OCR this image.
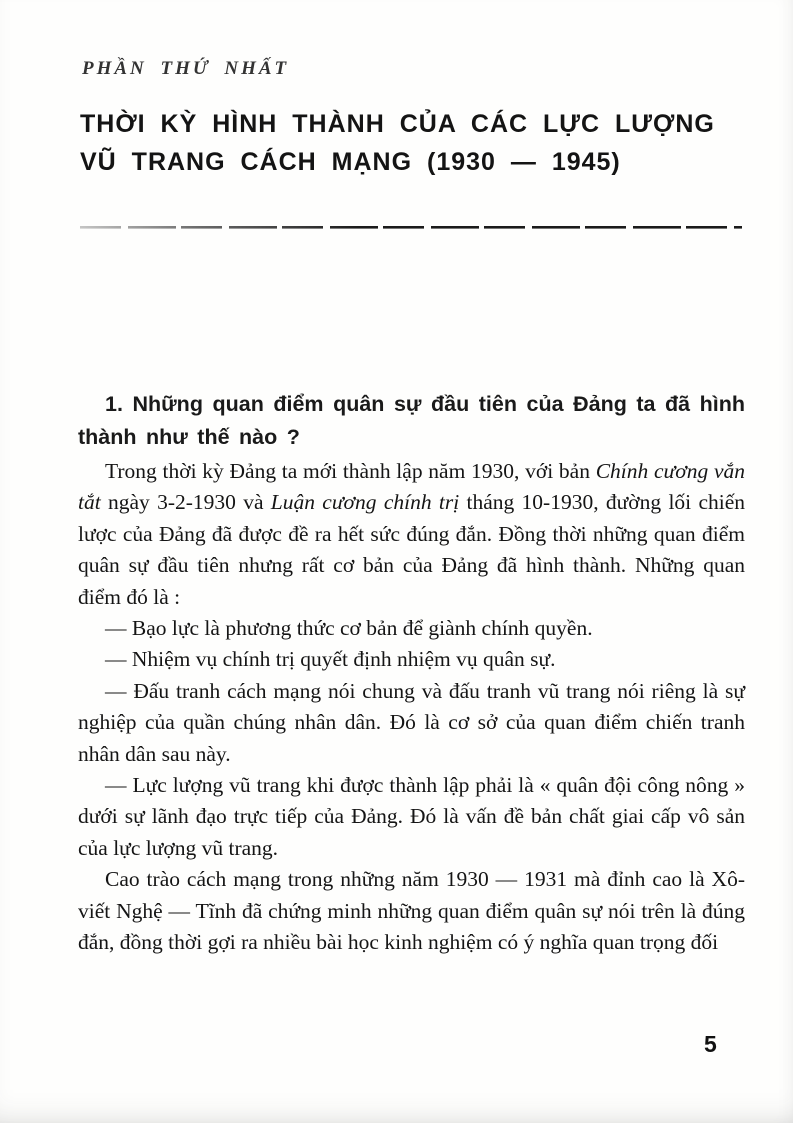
PHẦN THỨ NHẤT
THỜI KỲ HÌNH THÀNH CỦA CÁC LỰC LƯỢNG
VŨ TRANG CÁCH MẠNG (1930 — 1945)
1. Những quan điểm quân sự đầu tiên của Đảng ta đã hình thành như thế nào ?

Trong thời kỳ Đảng ta mới thành lập năm 1930, với bản Chính cương vắn tắt ngày 3-2-1930 và Luận cương chính trị tháng 10-1930, đường lối chiến lược của Đảng đã được đề ra hết sức đúng đắn. Đồng thời những quan điểm quân sự đầu tiên nhưng rất cơ bản của Đảng đã hình thành. Những quan điểm đó là :

— Bạo lực là phương thức cơ bản để giành chính quyền.

— Nhiệm vụ chính trị quyết định nhiệm vụ quân sự.

— Đấu tranh cách mạng nói chung và đấu tranh vũ trang nói riêng là sự nghiệp của quần chúng nhân dân. Đó là cơ sở của quan điểm chiến tranh nhân dân sau này.

— Lực lượng vũ trang khi được thành lập phải là « quân đội công nông » dưới sự lãnh đạo trực tiếp của Đảng. Đó là vấn đề bản chất giai cấp vô sản của lực lượng vũ trang.

Cao trào cách mạng trong những năm 1930 — 1931 mà đỉnh cao là Xô-viết Nghệ — Tĩnh đã chứng minh những quan điểm quân sự nói trên là đúng đắn, đồng thời gợi ra nhiều bài học kinh nghiệm có ý nghĩa quan trọng đối

5
